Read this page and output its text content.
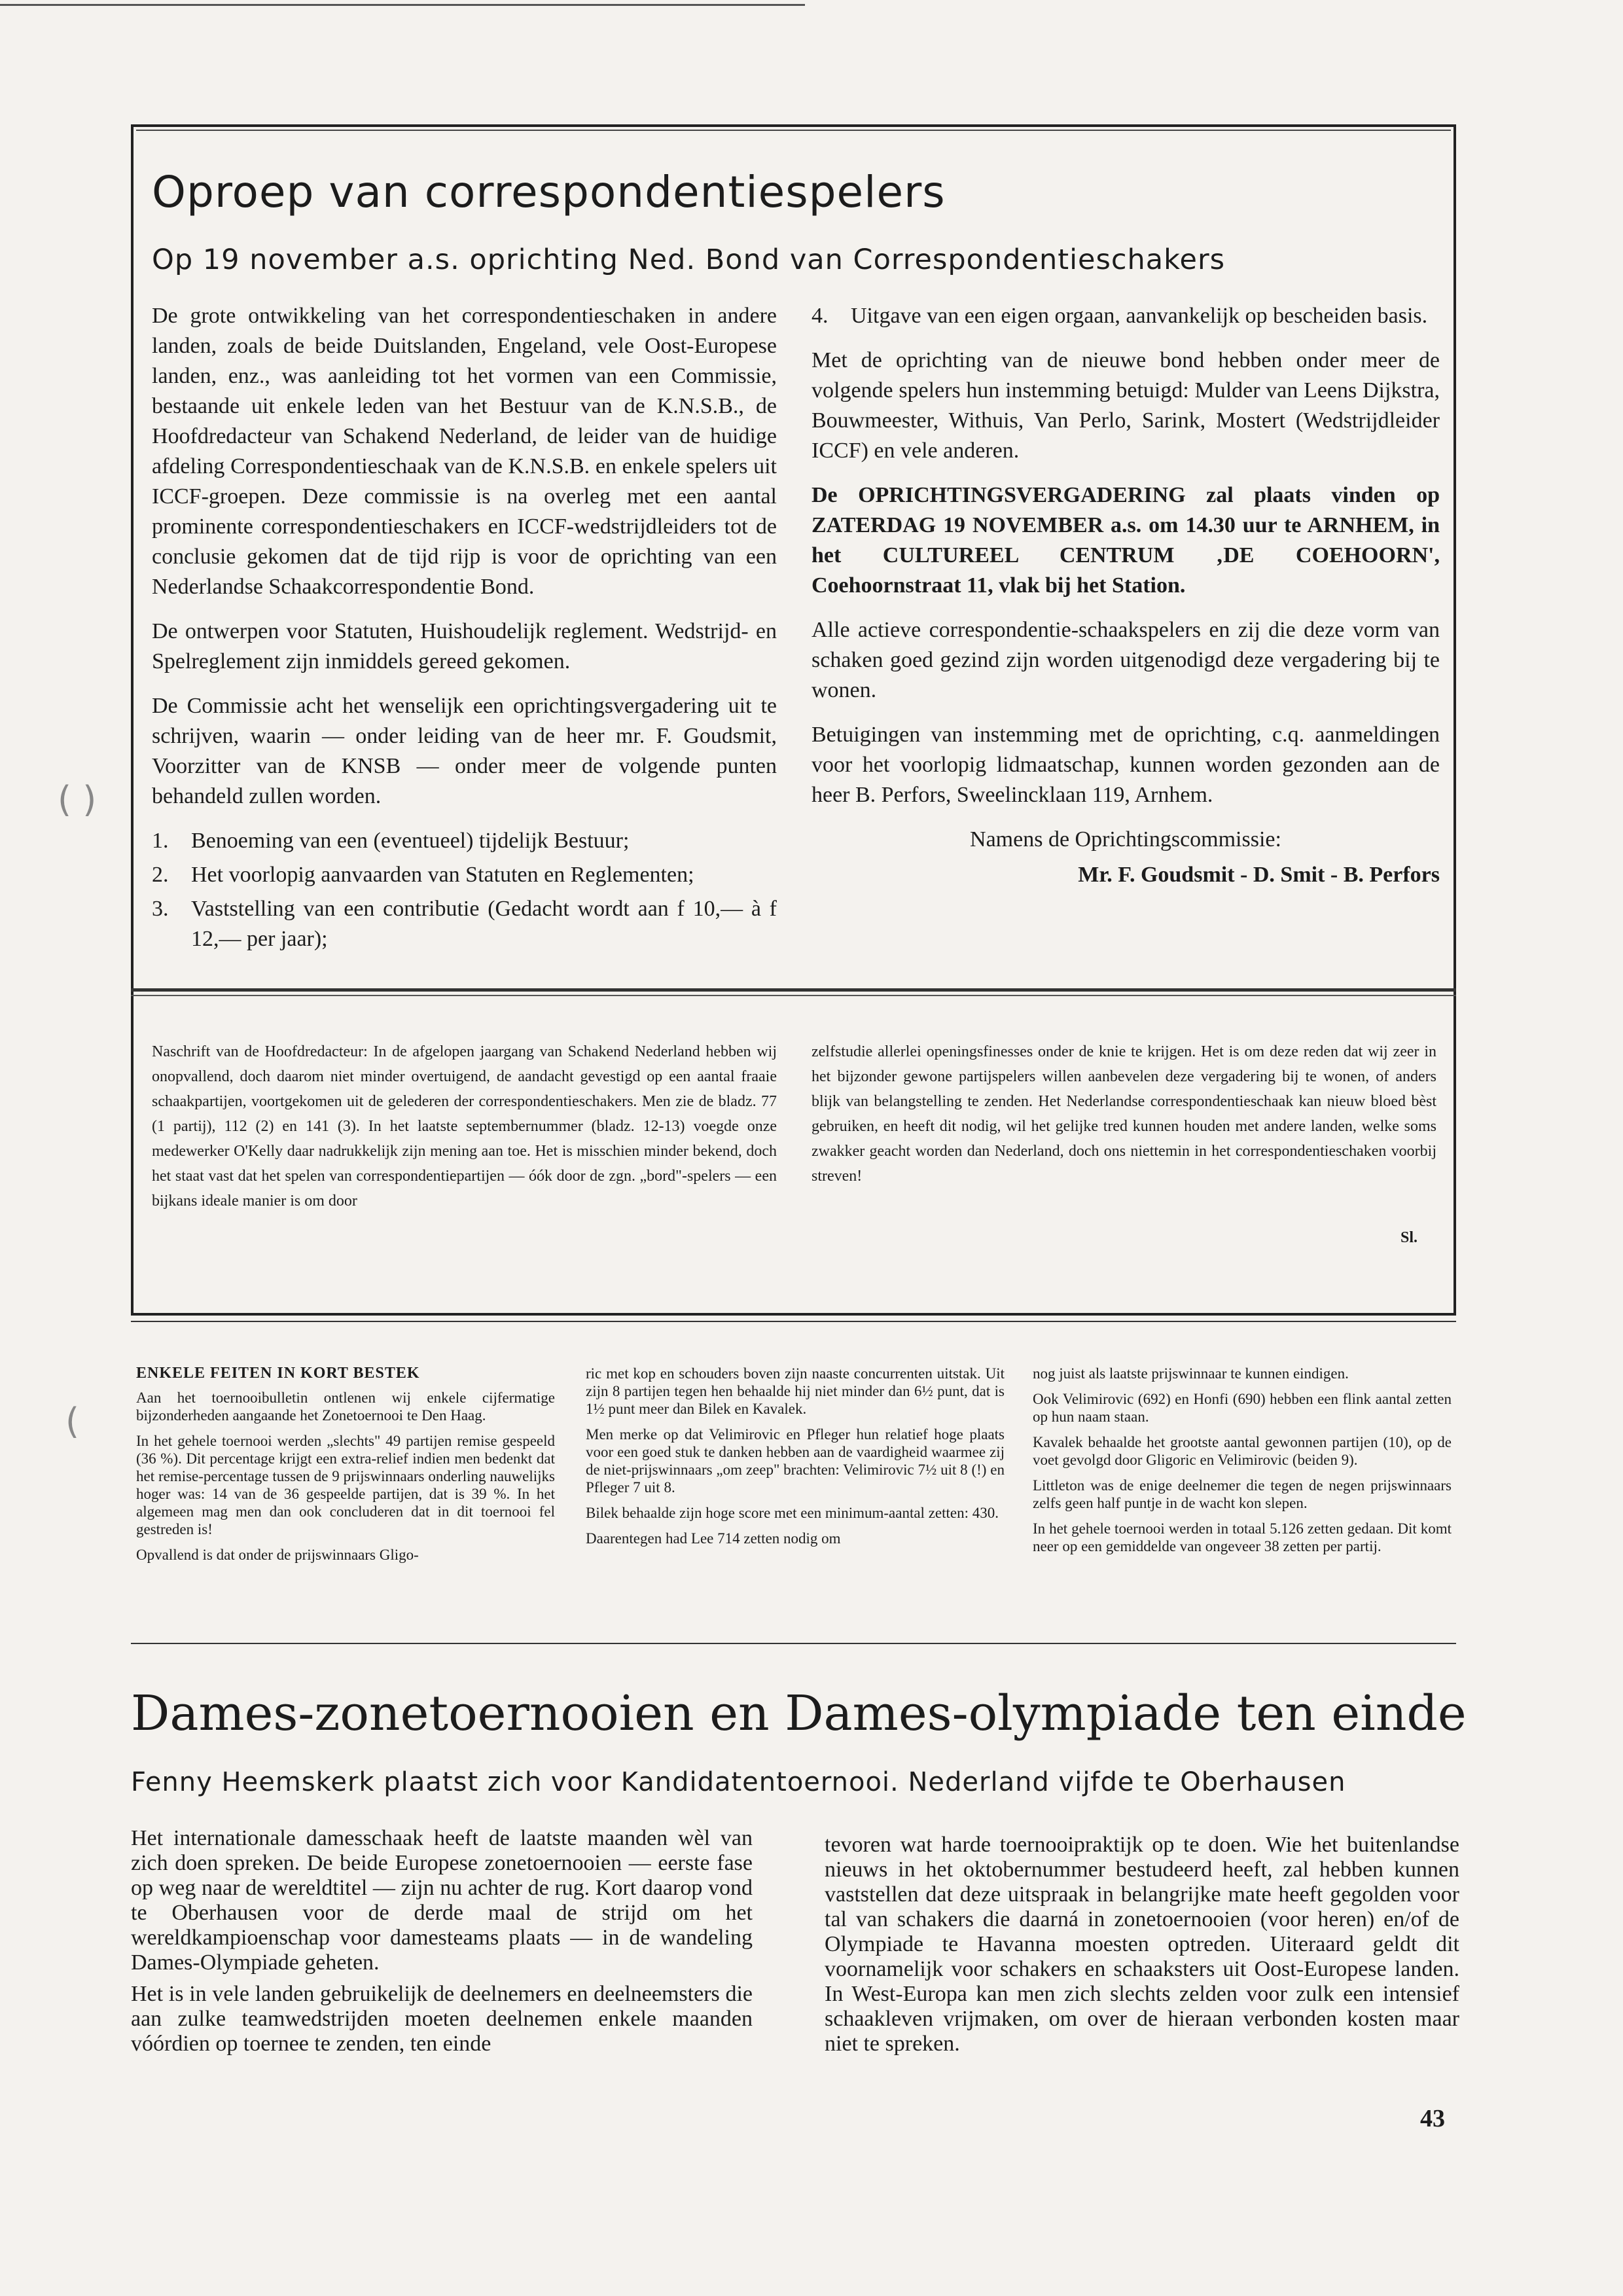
Oproep van correspondentiespelers
Op 19 november a.s. oprichting Ned. Bond van Correspondentieschakers

De grote ontwikkeling van het correspondentieschaken in andere landen, zoals de beide Duitslanden, Engeland, vele Oost-Europese landen, enz., was aanleiding tot het vormen van een Commissie, bestaande uit enkele leden van het Bestuur van de K.N.S.B., de Hoofdredacteur van Schakend Nederland, de leider van de huidige afdeling Correspondentieschaak van de K.N.S.B. en enkele spelers uit ICCF-groepen. Deze commissie is na overleg met een aantal prominente correspondentieschakers en ICCF-wedstrijdleiders tot de conclusie gekomen dat de tijd rijp is voor de oprichting van een Nederlandse Schaakcorrespondentie Bond.

De ontwerpen voor Statuten, Huishoudelijk reglement. Wedstrijd- en Spelreglement zijn inmiddels gereed gekomen.

De Commissie acht het wenselijk een oprichtingsvergadering uit te schrijven, waarin — onder leiding van de heer mr. F. Goudsmit, Voorzitter van de KNSB — onder meer de volgende punten behandeld zullen worden.

1. Benoeming van een (eventueel) tijdelijk Bestuur;
2. Het voorlopig aanvaarden van Statuten en Reglementen;
3. Vaststelling van een contributie (Gedacht wordt aan f 10,— à f 12,— per jaar);
4. Uitgave van een eigen orgaan, aanvankelijk op bescheiden basis.

Met de oprichting van de nieuwe bond hebben onder meer de volgende spelers hun instemming betuigd: Mulder van Leens Dijkstra, Bouwmeester, Withuis, Van Perlo, Sarink, Mostert (Wedstrijdleider ICCF) en vele anderen.

De OPRICHTINGSVERGADERING zal plaats vinden op ZATERDAG 19 NOVEMBER a.s. om 14.30 uur te ARNHEM, in het CULTUREEL CENTRUM ‚DE COEHOORN', Coehoornstraat 11, vlak bij het Station.

Alle actieve correspondentie-schaakspelers en zij die deze vorm van schaken goed gezind zijn worden uitgenodigd deze vergadering bij te wonen.

Betuigingen van instemming met de oprichting, c.q. aanmeldingen voor het voorlopig lidmaatschap, kunnen worden gezonden aan de heer B. Perfors, Sweelincklaan 119, Arnhem.

Namens de Oprichtingscommissie:

Mr. F. Goudsmit - D. Smit - B. Perfors

Naschrift van de Hoofdredacteur: In de afgelopen jaargang van Schakend Nederland hebben wij onopvallend, doch daarom niet minder overtuigend, de aandacht gevestigd op een aantal fraaie schaakpartijen, voortgekomen uit de gelederen der correspondentieschakers. Men zie de bladz. 77 (1 partij), 112 (2) en 141 (3). In het laatste septembernummer (bladz. 12-13) voegde onze medewerker O'Kelly daar nadrukkelijk zijn mening aan toe. Het is misschien minder bekend, doch het staat vast dat het spelen van correspondentiepartijen — óók door de zgn. „bord"-spelers — een bijkans ideale manier is om door
zelfstudie allerlei openingsfinesses onder de knie te krijgen. Het is om deze reden dat wij zeer in het bijzonder gewone partijspelers willen aanbevelen deze vergadering bij te wonen, of anders blijk van belangstelling te zenden. Het Nederlandse correspondentieschaak kan nieuw bloed bèst gebruiken, en heeft dit nodig, wil het gelijke tred kunnen houden met andere landen, welke soms zwakker geacht worden dan Nederland, doch ons niettemin in het correspondentieschaken voorbij streven!
Sl.
ENKELE FEITEN IN KORT BESTEK

Aan het toernooibulletin ontlenen wij enkele cijfermatige bijzonderheden aangaande het Zonetoernooi te Den Haag.

In het gehele toernooi werden „slechts" 49 partijen remise gespeeld (36 %). Dit percentage krijgt een extra-relief indien men bedenkt dat het remise-percentage tussen de 9 prijswinnaars onderling nauwelijks hoger was: 14 van de 36 gespeelde partijen, dat is 39 %. In het algemeen mag men dan ook concluderen dat in dit toernooi fel gestreden is!

Opvallend is dat onder de prijswinnaars Gligo-

ric met kop en schouders boven zijn naaste concurrenten uitstak. Uit zijn 8 partijen tegen hen behaalde hij niet minder dan 6½ punt, dat is 1½ punt meer dan Bilek en Kavalek.

Men merke op dat Velimirovic en Pfleger hun relatief hoge plaats voor een goed stuk te danken hebben aan de vaardigheid waarmee zij de niet-prijswinnaars „om zeep" brachten: Velimirovic 7½ uit 8 (!) en Pfleger 7 uit 8.

Bilek behaalde zijn hoge score met een minimum-aantal zetten: 430.

Daarentegen had Lee 714 zetten nodig om

nog juist als laatste prijswinnaar te kunnen eindigen.

Ook Velimirovic (692) en Honfi (690) hebben een flink aantal zetten op hun naam staan.

Kavalek behaalde het grootste aantal gewonnen partijen (10), op de voet gevolgd door Gligoric en Velimirovic (beiden 9).

Littleton was de enige deelnemer die tegen de negen prijswinnaars zelfs geen half puntje in de wacht kon slepen.

In het gehele toernooi werden in totaal 5.126 zetten gedaan. Dit komt neer op een gemiddelde van ongeveer 38 zetten per partij.

Dames-zonetoernooien en Dames-olympiade ten einde
Fenny Heemskerk plaatst zich voor Kandidatentoernooi. Nederland vijfde te Oberhausen

Het internationale damesschaak heeft de laatste maanden wèl van zich doen spreken. De beide Europese zonetoernooien — eerste fase op weg naar de wereldtitel — zijn nu achter de rug. Kort daarop vond te Oberhausen voor de derde maal de strijd om het wereldkampioenschap voor damesteams plaats — in de wandeling Dames-Olympiade geheten.

Het is in vele landen gebruikelijk de deelnemers en deelneemsters die aan zulke teamwedstrijden moeten deelnemen enkele maanden vóórdien op toernee te zenden, ten einde

tevoren wat harde toernooipraktijk op te doen. Wie het buitenlandse nieuws in het oktobernummer bestudeerd heeft, zal hebben kunnen vaststellen dat deze uitspraak in belangrijke mate heeft gegolden voor tal van schakers die daarná in zonetoernooien (voor heren) en/of de Olympiade te Havanna moesten optreden. Uiteraard geldt dit voornamelijk voor schakers en schaaksters uit Oost-Europese landen. In West-Europa kan men zich slechts zelden voor zulk een intensief schaakleven vrijmaken, om over de hieraan verbonden kosten maar niet te spreken.

43
( )
(
